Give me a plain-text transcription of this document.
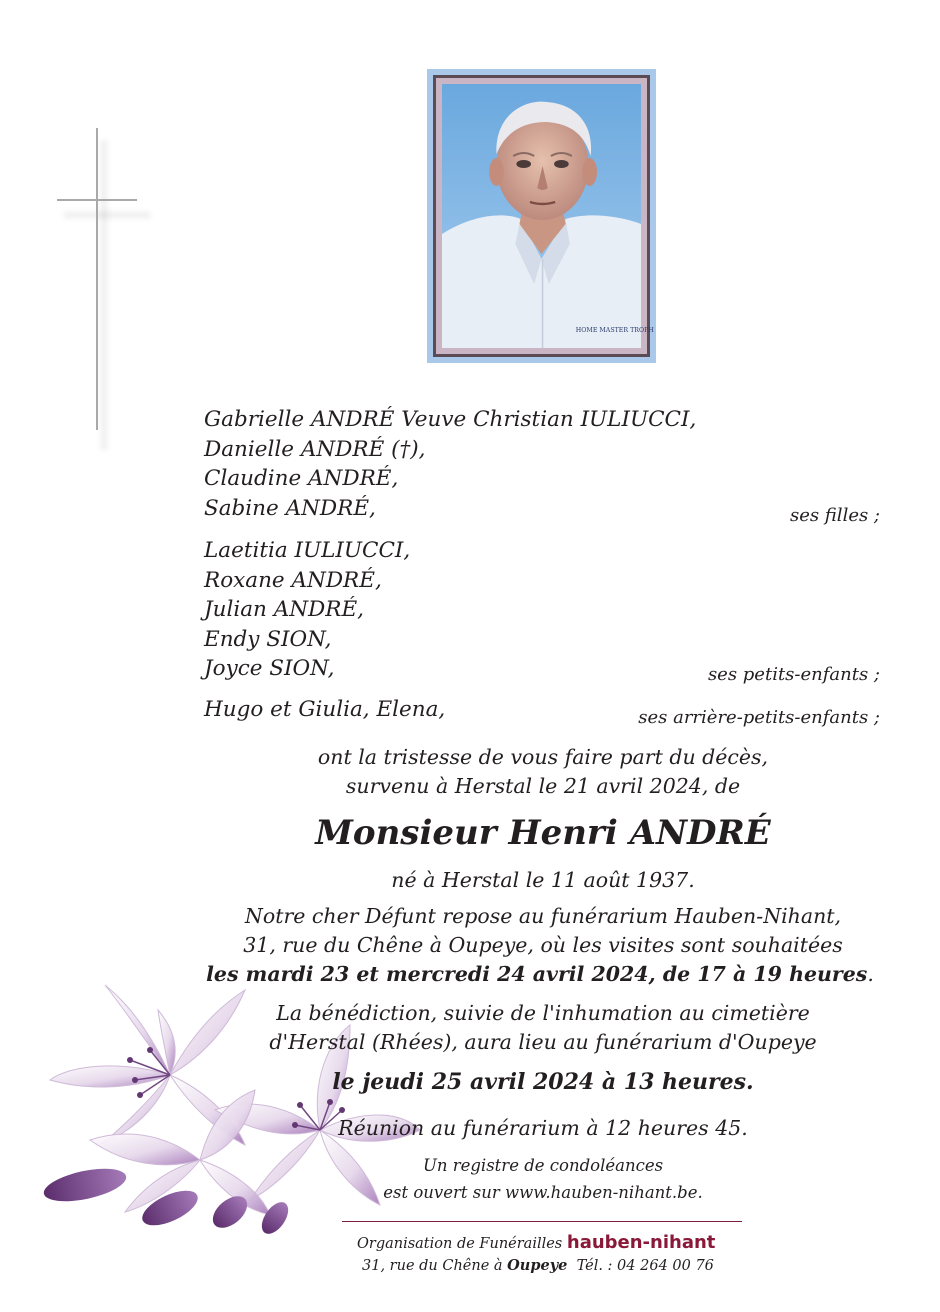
HOME MASTER TROPH
Gabrielle ANDRÉ Veuve Christian IULIUCCI,
Danielle ANDRÉ (†),
Claudine ANDRÉ,
Sabine ANDRÉ,	ses filles ;
Laetitia IULIUCCI,
Roxane ANDRÉ,
Julian ANDRÉ,
Endy SION,
Joyce SION,	ses petits-enfants ;
Hugo et Giulia, Elena,	ses arrière-petits-enfants ;
ont la tristesse de vous faire part du décès,
survenu à Herstal le 21 avril 2024, de
Monsieur Henri ANDRÉ
né à Herstal le 11 août 1937.
Notre cher Défunt repose au funérarium Hauben-Nihant,
31, rue du Chêne à Oupeye, où les visites sont souhaitées
les mardi 23 et mercredi 24 avril 2024, de 17 à 19 heures.
La bénédiction, suivie de l'inhumation au cimetière
d'Herstal (Rhées), aura lieu au funérarium d'Oupeye
le jeudi 25 avril 2024 à 13 heures.
Réunion au funérarium à 12 heures 45.
Un registre de condoléances
est ouvert sur www.hauben-nihant.be.
Organisation de Funérailles hauben-nihant
31, rue du Chêne à Oupeye Tél. : 04 264 00 76
